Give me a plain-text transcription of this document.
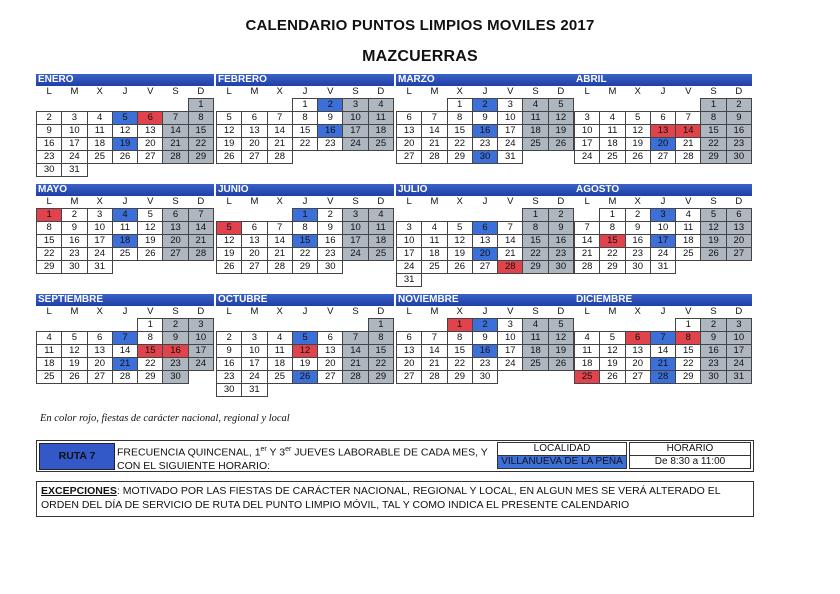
CALENDARIO PUNTOS LIMPIOS MOVILES 2017
MAZCUERRAS
ENERO
L	M	X	J	V	S	D
						1
2	3	4	5	6	7	8
9	10	11	12	13	14	15
16	17	18	19	20	21	22
23	24	25	26	27	28	29
30	31					
FEBRERO
L	M	X	J	V	S	D
			1	2	3	4
5	6	7	8	9	10	11
12	13	14	15	16	17	18
19	20	21	22	23	24	25
26	27	28				
MARZO
L	M	X	J	V	S	D
		1	2	3	4	5
6	7	8	9	10	11	12
13	14	15	16	17	18	19
20	21	22	23	24	25	26
27	28	29	30	31		
ABRIL
L	M	X	J	V	S	D
					1	2
3	4	5	6	7	8	9
10	11	12	13	14	15	16
17	18	19	20	21	22	23
24	25	26	27	28	29	30
MAYO
L	M	X	J	V	S	D
1	2	3	4	5	6	7
8	9	10	11	12	13	14
15	16	17	18	19	20	21
22	23	24	25	26	27	28
29	30	31				
JUNIO
L	M	X	J	V	S	D
			1	2	3	4
5	6	7	8	9	10	11
12	13	14	15	16	17	18
19	20	21	22	23	24	25
26	27	28	29	30		
JULIO
L	M	X	J	V	S	D
					1	2
3	4	5	6	7	8	9
10	11	12	13	14	15	16
17	18	19	20	21	22	23
24	25	26	27	28	29	30
31						
AGOSTO
L	M	X	J	V	S	D
	1	2	3	4	5	6
7	8	9	10	11	12	13
14	15	16	17	18	19	20
21	22	23	24	25	26	27
28	29	30	31			
SEPTIEMBRE
L	M	X	J	V	S	D
				1	2	3
4	5	6	7	8	9	10
11	12	13	14	15	16	17
18	19	20	21	22	23	24
25	26	27	28	29	30	
OCTUBRE
L	M	X	J	V	S	D
						1
2	3	4	5	6	7	8
9	10	11	12	13	14	15
16	17	18	19	20	21	22
23	24	25	26	27	28	29
30	31					
NOVIEMBRE
L	M	X	J	V	S	D
		1	2	3	4	5
6	7	8	9	10	11	12
13	14	15	16	17	18	19
20	21	22	23	24	25	26
27	28	29	30			
DICIEMBRE
L	M	X	J	V	S	D
				1	2	3
4	5	6	7	8	9	10
11	12	13	14	15	16	17
18	19	20	21	22	23	24
25	26	27	28	29	30	31
En color rojo, fiestas de carácter nacional, regional y local
RUTA 7	FRECUENCIA QUINCENAL, 1er Y 3er JUEVES LABORABLE DE CADA MES, Y CON EL SIGUIENTE HORARIO:
LOCALIDAD
VILLANUEVA DE LA PEÑA
HORARIO
De 8:30 a 11:00
EXCEPCIONES: MOTIVADO POR LAS FIESTAS DE CARÁCTER NACIONAL, REGIONAL Y LOCAL, EN ALGUN MES SE VERÁ ALTERADO EL ORDEN DEL DÍA DE SERVICIO DE RUTA DEL PUNTO LIMPIO MÓVIL, TAL Y COMO INDICA EL PRESENTE CALENDARIO
